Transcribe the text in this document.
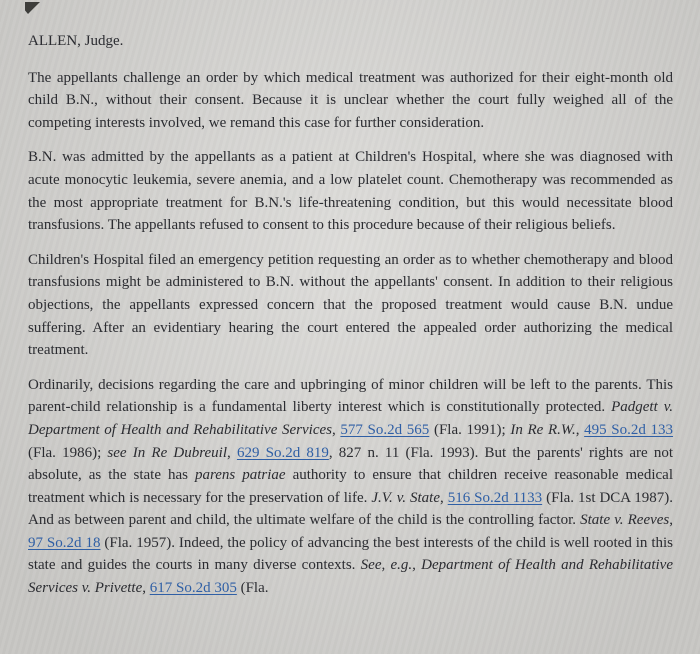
ALLEN, Judge.

The appellants challenge an order by which medical treatment was authorized for their eight-month old child B.N., without their consent. Because it is unclear whether the court fully weighed all of the competing interests involved, we remand this case for further consideration.

B.N. was admitted by the appellants as a patient at Children's Hospital, where she was diagnosed with acute monocytic leukemia, severe anemia, and a low platelet count. Chemotherapy was recommended as the most appropriate treatment for B.N.'s life-threatening condition, but this would necessitate blood transfusions. The appellants refused to consent to this procedure because of their religious beliefs.

Children's Hospital filed an emergency petition requesting an order as to whether chemotherapy and blood transfusions might be administered to B.N. without the appellants' consent. In addition to their religious objections, the appellants expressed concern that the proposed treatment would cause B.N. undue suffering. After an evidentiary hearing the court entered the appealed order authorizing the medical treatment.

Ordinarily, decisions regarding the care and upbringing of minor children will be left to the parents. This parent-child relationship is a fundamental liberty interest which is constitutionally protected. Padgett v. Department of Health and Rehabilitative Services, 577 So.2d 565 (Fla. 1991); In Re R.W., 495 So.2d 133 (Fla. 1986); see In Re Dubreuil, 629 So.2d 819, 827 n. 11 (Fla. 1993). But the parents' rights are not absolute, as the state has parens patriae authority to ensure that children receive reasonable medical treatment which is necessary for the preservation of life. J.V. v. State, 516 So.2d 1133 (Fla. 1st DCA 1987). And as between parent and child, the ultimate welfare of the child is the controlling factor. State v. Reeves, 97 So.2d 18 (Fla. 1957). Indeed, the policy of advancing the best interests of the child is well rooted in this state and guides the courts in many diverse contexts. See, e.g., Department of Health and Rehabilitative Services v. Privette, 617 So.2d 305 (Fla.
